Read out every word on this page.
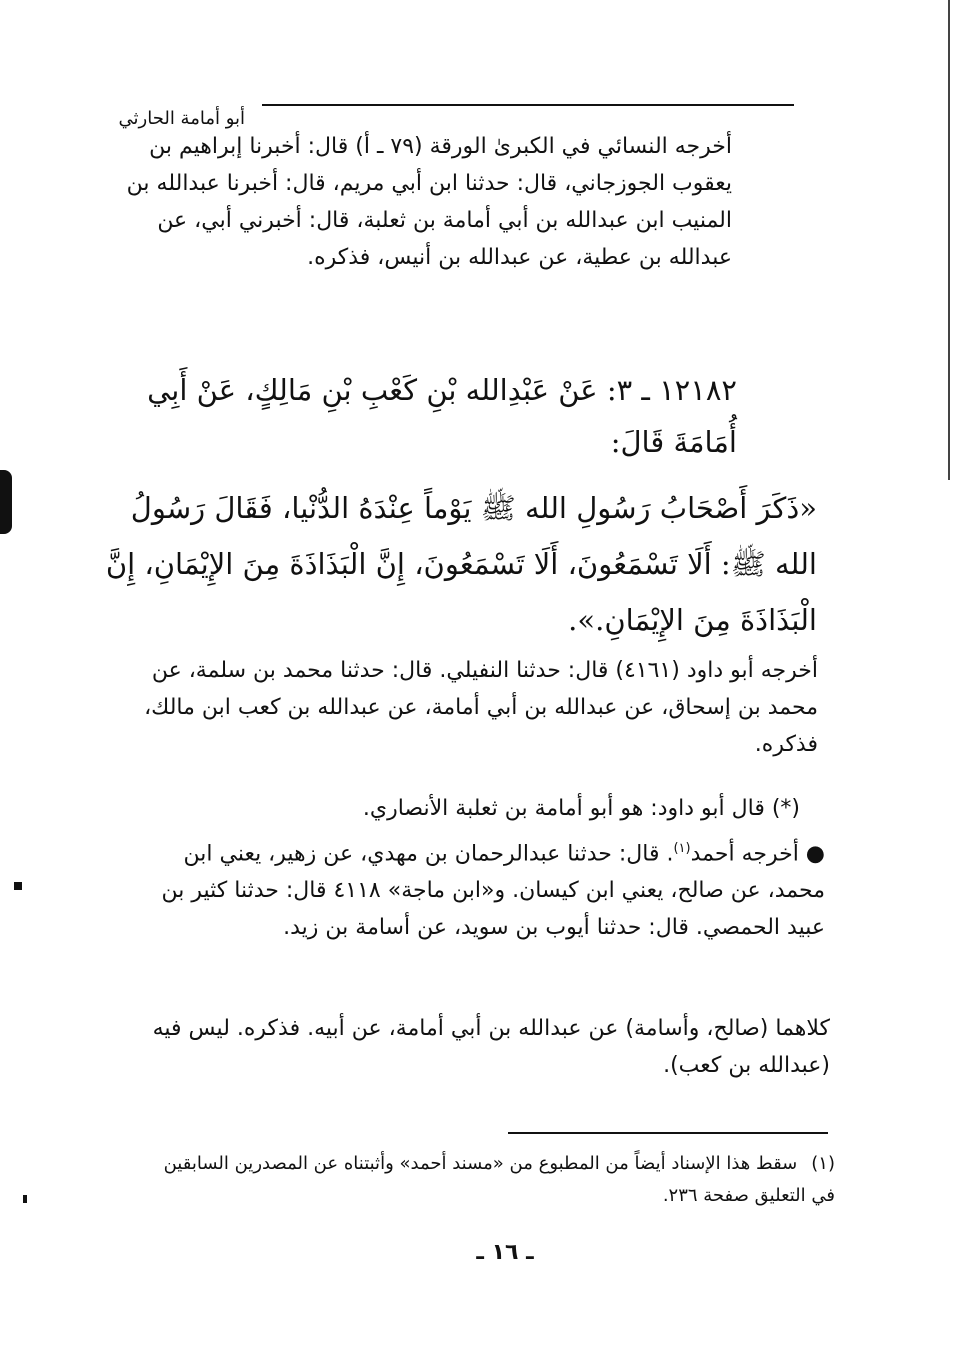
أبو أمامة الحارثي
أخرجه النسائي في الكبرىٰ الورقة (٧٩ ـ أ) قال: أخبرنا إبراهيم بن يعقوب الجوزجاني، قال: حدثنا ابن أبي مريم، قال: أخبرنا عبدالله بن المنيب ابن عبدالله بن أبي أمامة بن ثعلبة، قال: أخبرني أبي، عن عبدالله بن عطية، عن عبدالله بن أنيس، فذكره.
١٢١٨٢ ـ ٣: عَنْ عَبْدِالله بْنِ كَعْبِ بْنِ مَالِكٍ، عَنْ أَبِي أُمَامَةَ قَالَ:
«ذَكَرَ أَصْحَابُ رَسُولِ الله ﷺ يَوْماً عِنْدَهُ الدُّنْيا، فَقَالَ رَسُولُ الله ﷺ: أَلَا تَسْمَعُونَ، أَلَا تَسْمَعُونَ، إِنَّ الْبَذَاذَةَ مِنَ الإِيْمَانِ، إِنَّ الْبَذَاذَةَ مِنَ الإِيْمَانِ.».
أخرجه أبو داود (٤١٦١) قال: حدثنا النفيلي. قال: حدثنا محمد بن سلمة، عن محمد بن إسحاق، عن عبدالله بن أبي أمامة، عن عبدالله بن كعب ابن مالك، فذكره.
(*) قال أبو داود: هو أبو أمامة بن ثعلبة الأنصاري.
● أخرجه أحمد$^{(١)}$. قال: حدثنا عبدالرحمان بن مهدي، عن زهير، يعني ابن محمد، عن صالح، يعني ابن كيسان. و«ابن ماجة» ٤١١٨ قال: حدثنا كثير بن عبيد الحمصي. قال: حدثنا أيوب بن سويد، عن أسامة بن زيد.
كلاهما (صالح، وأسامة) عن عبدالله بن أبي أمامة، عن أبيه. فذكره. ليس فيه (عبدالله بن كعب).
(١)سقط هذا الإسناد أيضاً من المطبوع من «مسند أحمد» وأثبتناه عن المصدرين السابقين في التعليق صفحة ٢٣٦.
ـ ١٦ ـ
